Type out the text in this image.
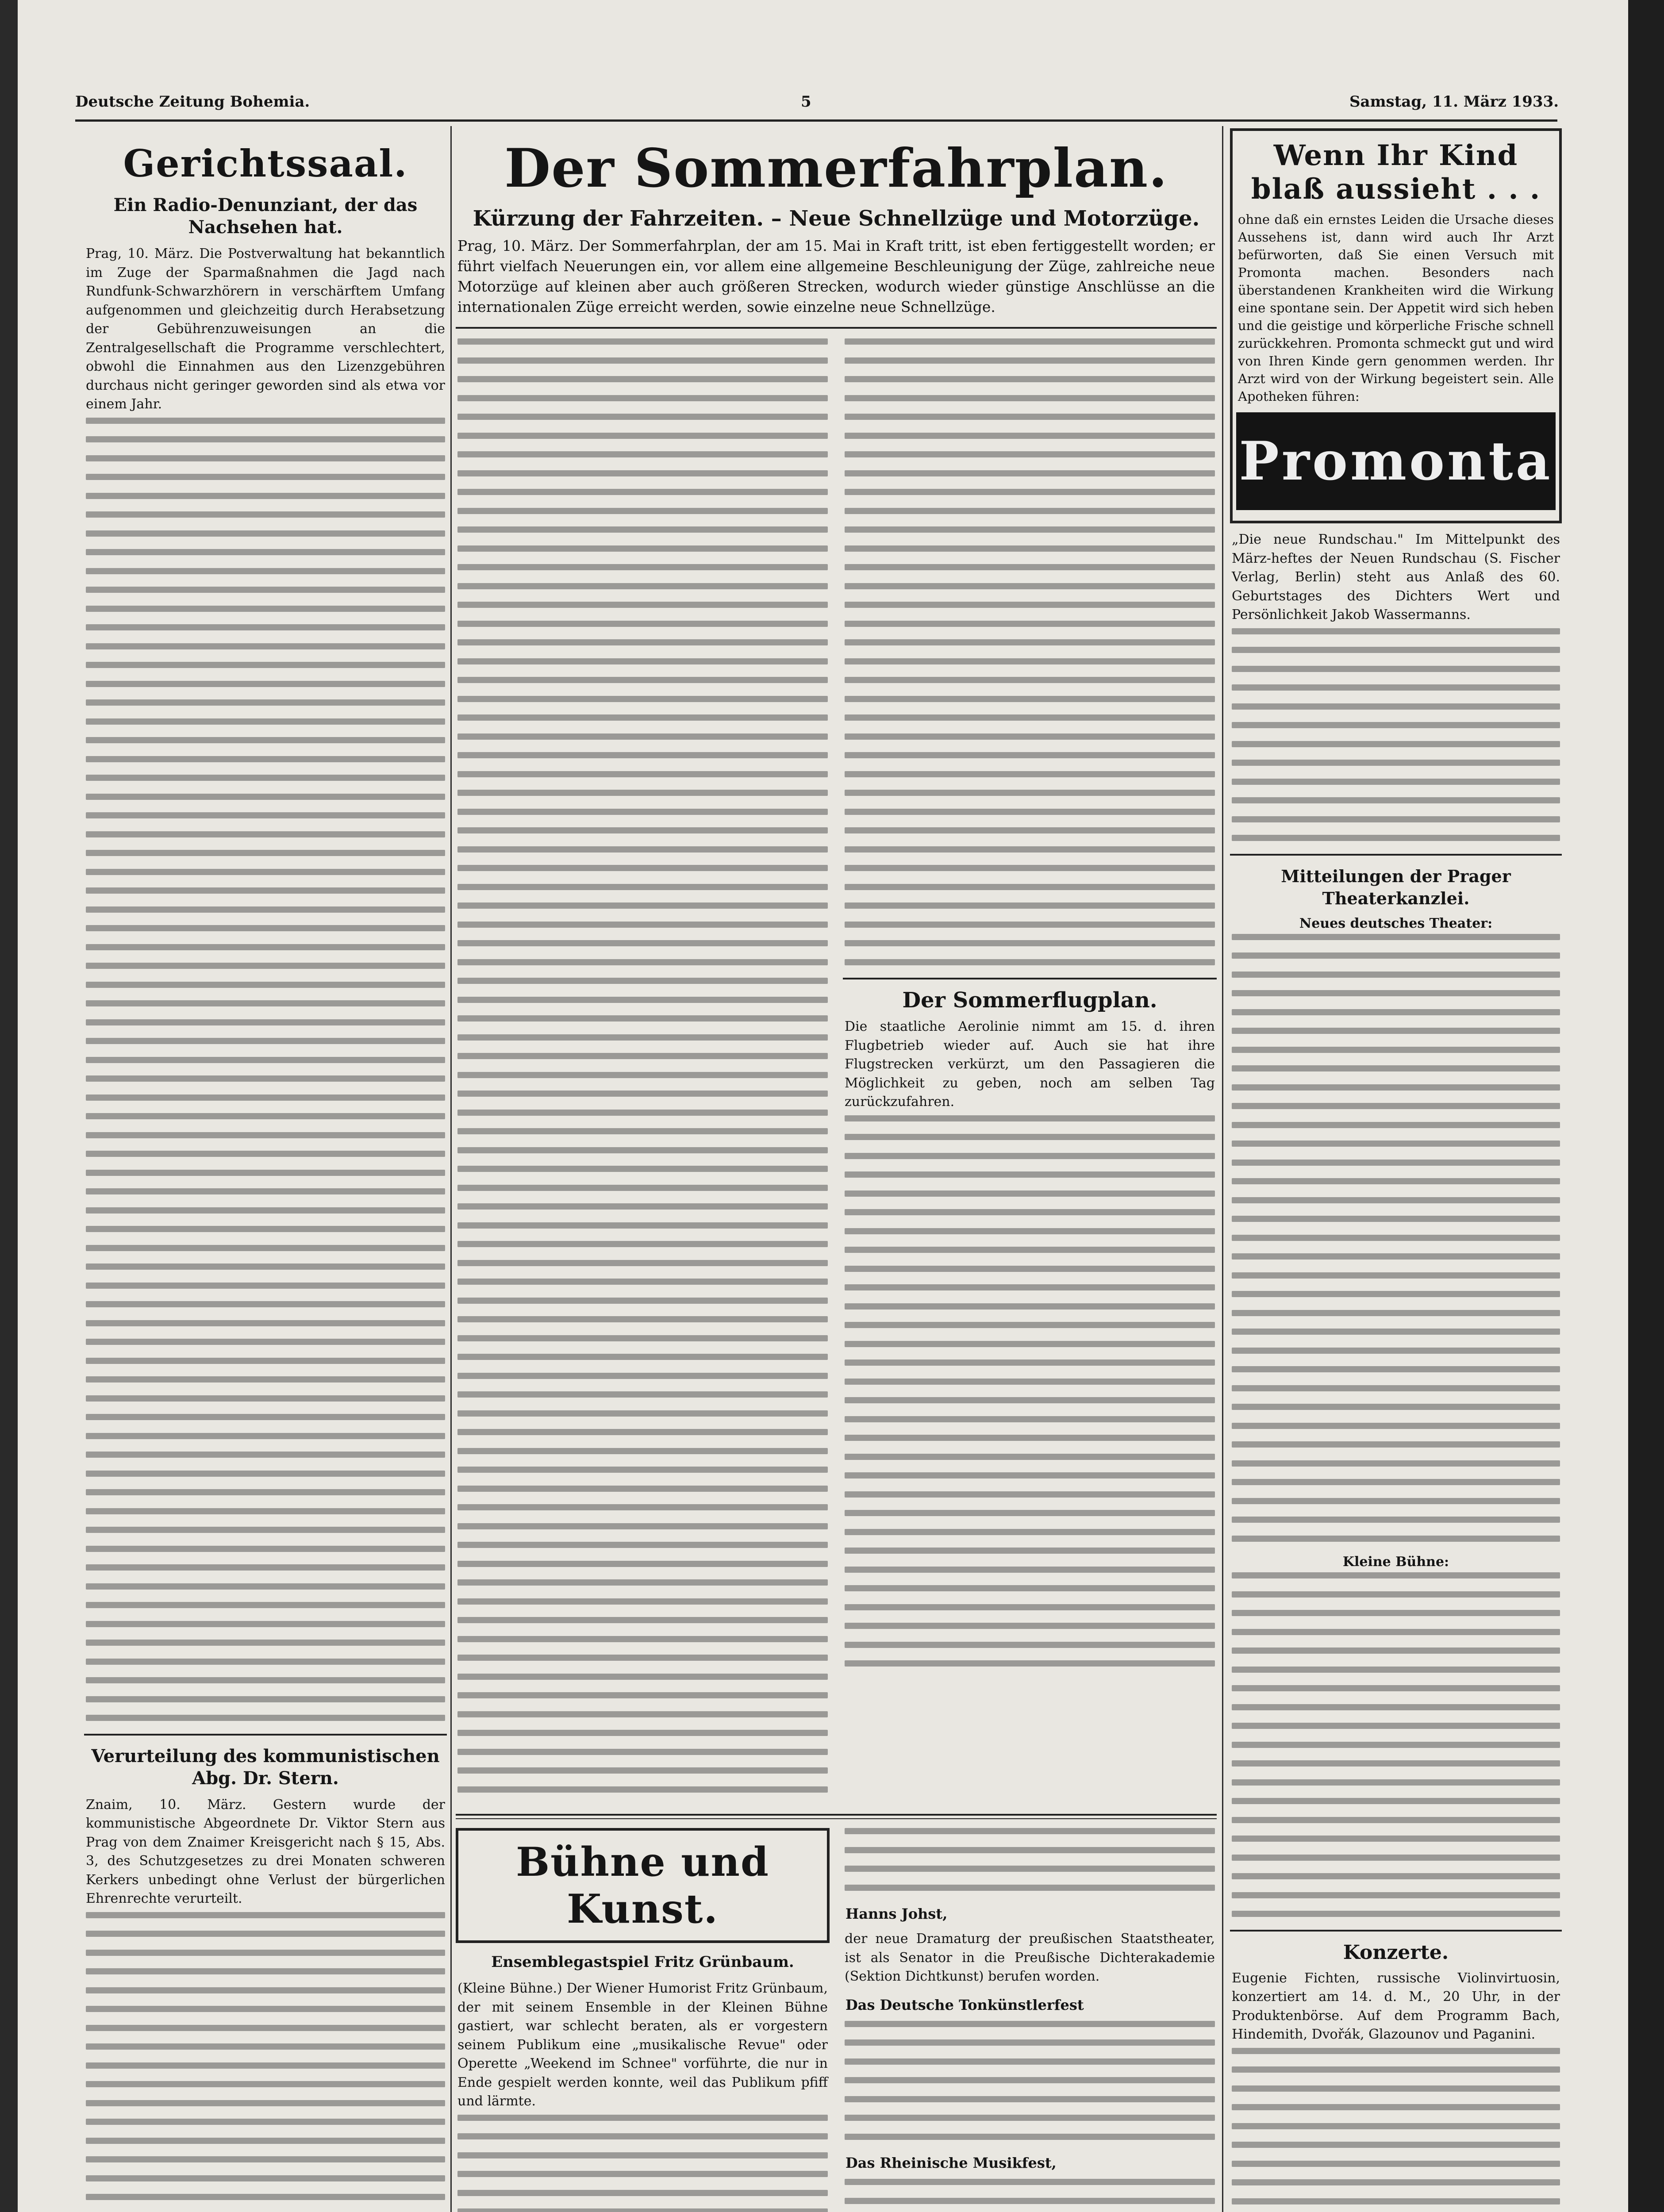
Deutsche Zeitung Bohemia.	5	Samstag, 11. März 1933.
Gerichtssaal.
Ein Radio-Denunziant, der das Nachsehen hat.
Prag, 10. März. Die Postverwaltung hat bekanntlich im Zuge der Sparmaßnahmen die Jagd nach Rundfunk-Schwarzhörern in verschärftem Umfang aufgenommen und gleichzeitig durch Herabsetzung der Gebührenzuweisungen an die Zentralgesellschaft die Programme verschlechtert, obwohl die Einnahmen aus den Lizenzgebühren durchaus nicht geringer geworden sind als etwa vor einem Jahr.
Verurteilung des kommunistischen Abg. Dr. Stern.
Znaim, 10. März. Gestern wurde der kommunistische Abgeordnete Dr. Viktor Stern aus Prag von dem Znaimer Kreisgericht nach § 15, Abs. 3, des Schutzgesetzes zu drei Monaten schweren Kerkers unbedingt ohne Verlust der bürgerlichen Ehrenrechte verurteilt.
Der Sommerfahrplan.
Kürzung der Fahrzeiten. – Neue Schnellzüge und Motorzüge.
Prag, 10. März. Der Sommerfahrplan, der am 15. Mai in Kraft tritt, ist eben fertiggestellt worden; er führt vielfach Neuerungen ein, vor allem eine allgemeine Beschleunigung der Züge, zahlreiche neue Motorzüge auf kleinen aber auch größeren Strecken, wodurch wieder günstige Anschlüsse an die internationalen Züge erreicht werden, sowie einzelne neue Schnellzüge.
Der Sommerflugplan.
Die staatliche Aerolinie nimmt am 15. d. ihren Flugbetrieb wieder auf. Auch sie hat ihre Flugstrecken verkürzt, um den Passagieren die Möglichkeit zu geben, noch am selben Tag zurückzufahren.
Bühne und Kunst.
Ensemblegastspiel Fritz Grünbaum.
(Kleine Bühne.) Der Wiener Humorist Fritz Grünbaum, der mit seinem Ensemble in der Kleinen Bühne gastiert, war schlecht beraten, als er vorgestern seinem Publikum eine „musikalische Revue" oder Operette „Weekend im Schnee" vorführte, die nur in Ende gespielt werden konnte, weil das Publikum pfiff und lärmte.
Hanns Johst,
der neue Dramaturg der preußischen Staatstheater, ist als Senator in die Preußische Dichterakademie (Sektion Dichtkunst) berufen worden.
Das Deutsche Tonkünstlerfest
Das Rheinische Musikfest,
Wenn Ihr Kind blaß aussieht . . .
ohne daß ein ernstes Leiden die Ursache dieses Aussehens ist, dann wird auch Ihr Arzt befürworten, daß Sie einen Versuch mit Promonta machen. Besonders nach überstandenen Krankheiten wird die Wirkung eine spontane sein. Der Appetit wird sich heben und die geistige und körperliche Frische schnell zurückkehren. Promonta schmeckt gut und wird von Ihren Kinde gern genommen werden. Ihr Arzt wird von der Wirkung begeistert sein. Alle Apotheken führen:
Promonta
„Die neue Rundschau." Im Mittelpunkt des März-heftes der Neuen Rundschau (S. Fischer Verlag, Berlin) steht aus Anlaß des 60. Geburtstages des Dichters Wert und Persönlichkeit Jakob Wassermanns.
Mitteilungen der Prager Theaterkanzlei.
Neues deutsches Theater:
Kleine Bühne:
Konzerte.
Eugenie Fichten, russische Violinvirtuosin, konzertiert am 14. d. M., 20 Uhr, in der Produktenbörse. Auf dem Programm Bach, Hindemith, Dvořák, Glazounov und Paganini.
